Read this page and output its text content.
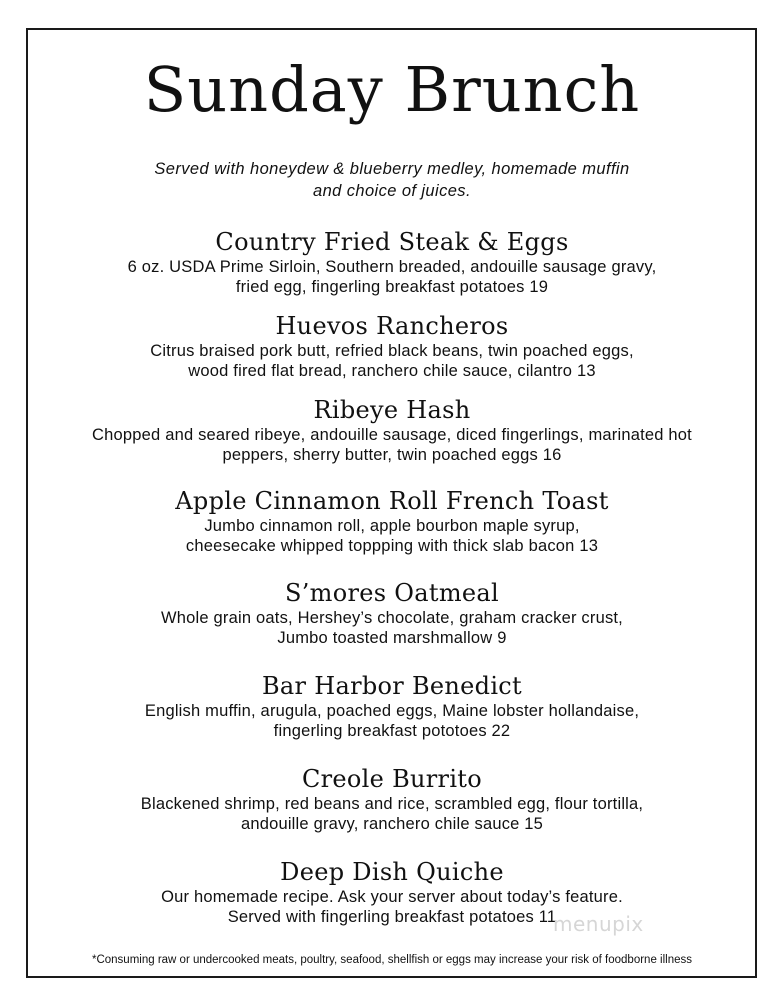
Sunday Brunch
Served with honeydew & blueberry medley, homemade muffin
and choice of juices.
Country Fried Steak & Eggs
6 oz. USDA Prime Sirloin, Southern breaded, andouille sausage gravy,
fried egg, fingerling breakfast potatoes 19
Huevos Rancheros
Citrus braised pork butt, refried black beans, twin poached eggs,
wood fired flat bread, ranchero chile sauce, cilantro 13
Ribeye Hash
Chopped and seared ribeye, andouille sausage, diced fingerlings, marinated hot
peppers, sherry butter, twin poached eggs 16
Apple Cinnamon Roll French Toast
Jumbo cinnamon roll, apple bourbon maple syrup,
cheesecake whipped toppping with thick slab bacon 13
S’mores Oatmeal
Whole grain oats, Hershey’s chocolate, graham cracker crust,
Jumbo toasted marshmallow 9
Bar Harbor Benedict
English muffin, arugula, poached eggs, Maine lobster hollandaise,
fingerling breakfast pototoes 22
Creole Burrito
Blackened shrimp, red beans and rice, scrambled egg, flour tortilla,
andouille gravy, ranchero chile sauce 15
Deep Dish Quiche
Our homemade recipe. Ask your server about today’s feature.
Served with fingerling breakfast potatoes 11
menupix
*Consuming raw or undercooked meats, poultry, seafood, shellfish or eggs may increase your risk of foodborne illness
